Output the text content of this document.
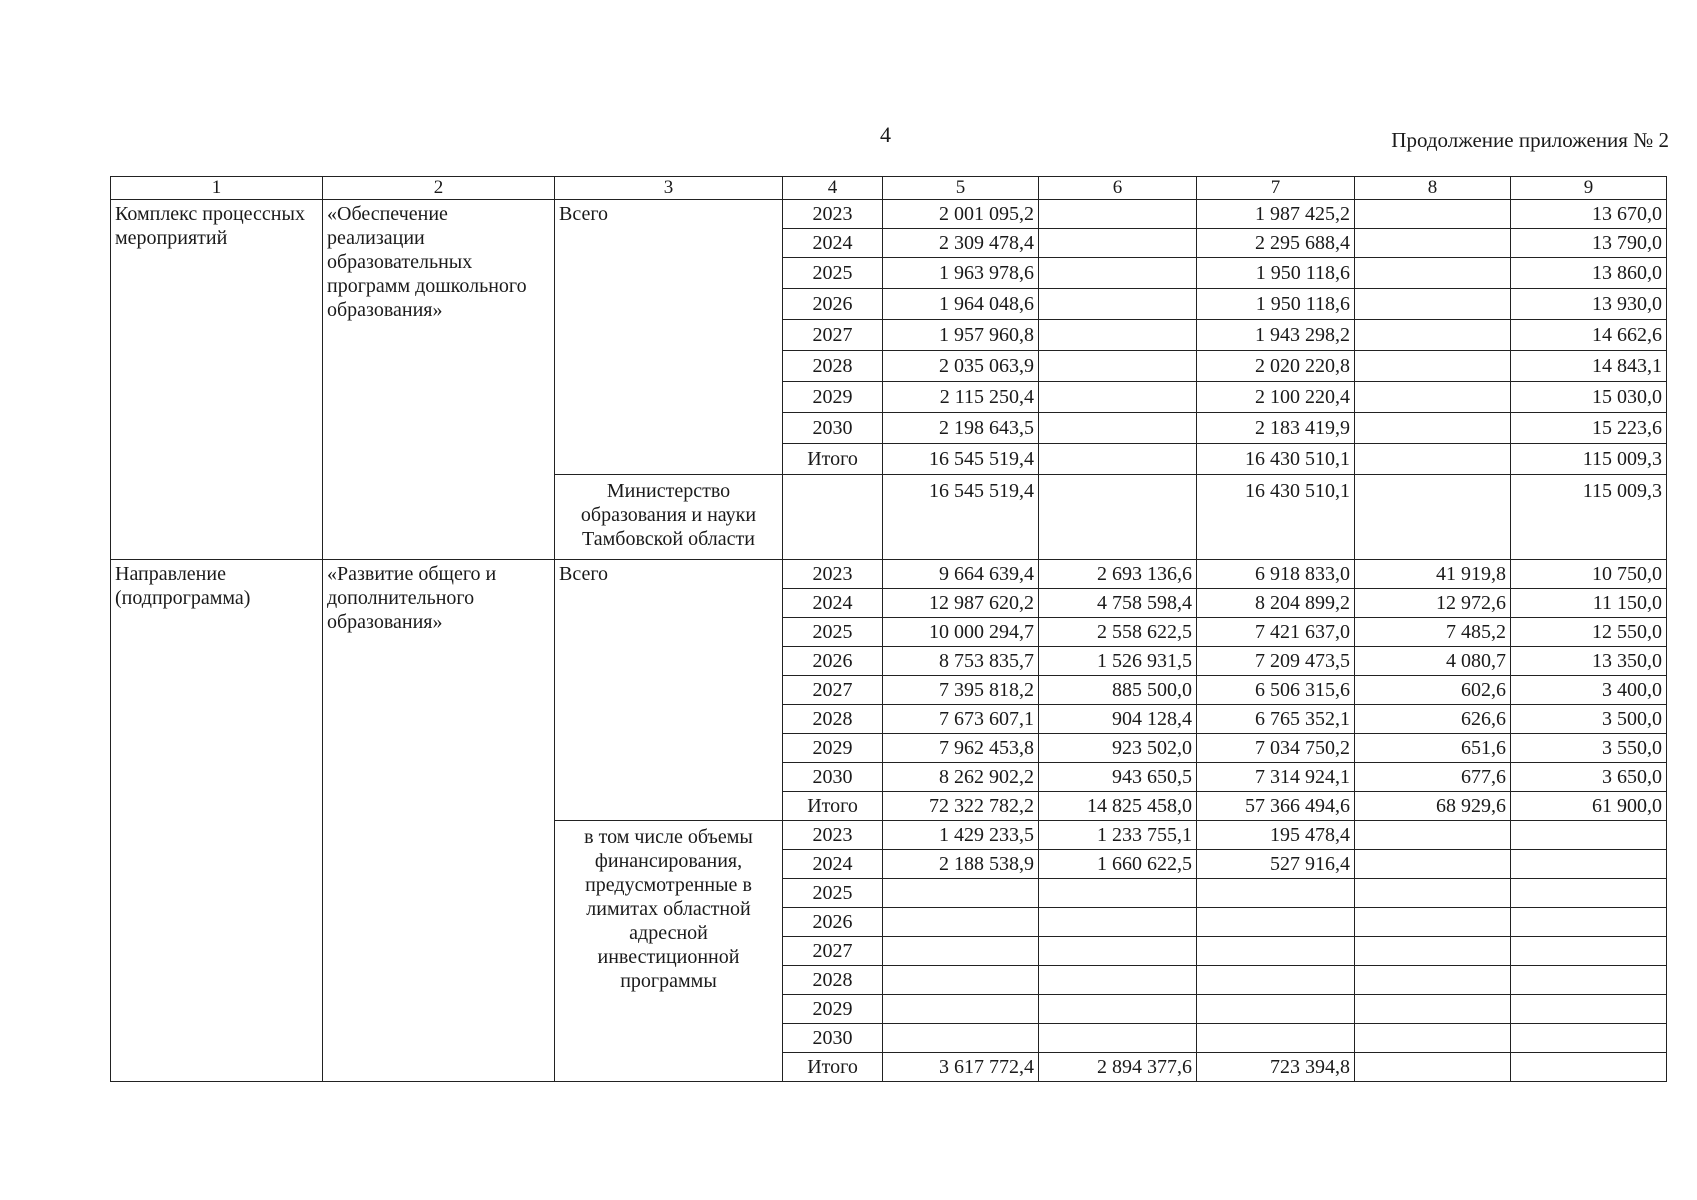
4	Продолжение приложения № 2
1	2	3	4	5	6	7	8	9
Комплекс процессных мероприятий	«Обеспечение реализации образовательных программ дошкольного образования»	Всего	2023	2 001 095,2		1 987 425,2		13 670,0
			2024	2 309 478,4		2 295 688,4		13 790,0
			2025	1 963 978,6		1 950 118,6		13 860,0
			2026	1 964 048,6		1 950 118,6		13 930,0
			2027	1 957 960,8		1 943 298,2		14 662,6
			2028	2 035 063,9		2 020 220,8		14 843,1
			2029	2 115 250,4		2 100 220,4		15 030,0
			2030	2 198 643,5		2 183 419,9		15 223,6
			Итого	16 545 519,4		16 430 510,1		115 009,3
		Министерство образования и науки Тамбовской области		16 545 519,4		16 430 510,1		115 009,3
Направление (подпрограмма)	«Развитие общего и дополнительного образования»	Всего	2023	9 664 639,4	2 693 136,6	6 918 833,0	41 919,8	10 750,0
			2024	12 987 620,2	4 758 598,4	8 204 899,2	12 972,6	11 150,0
			2025	10 000 294,7	2 558 622,5	7 421 637,0	7 485,2	12 550,0
			2026	8 753 835,7	1 526 931,5	7 209 473,5	4 080,7	13 350,0
			2027	7 395 818,2	885 500,0	6 506 315,6	602,6	3 400,0
			2028	7 673 607,1	904 128,4	6 765 352,1	626,6	3 500,0
			2029	7 962 453,8	923 502,0	7 034 750,2	651,6	3 550,0
			2030	8 262 902,2	943 650,5	7 314 924,1	677,6	3 650,0
			Итого	72 322 782,2	14 825 458,0	57 366 494,6	68 929,6	61 900,0
		в том числе объемы финансирования, предусмотренные в лимитах областной адресной инвестиционной программы	2023	1 429 233,5	1 233 755,1	195 478,4		
			2024	2 188 538,9	1 660 622,5	527 916,4		
			2025					
			2026					
			2027					
			2028					
			2029					
			2030					
			Итого	3 617 772,4	2 894 377,6	723 394,8		
